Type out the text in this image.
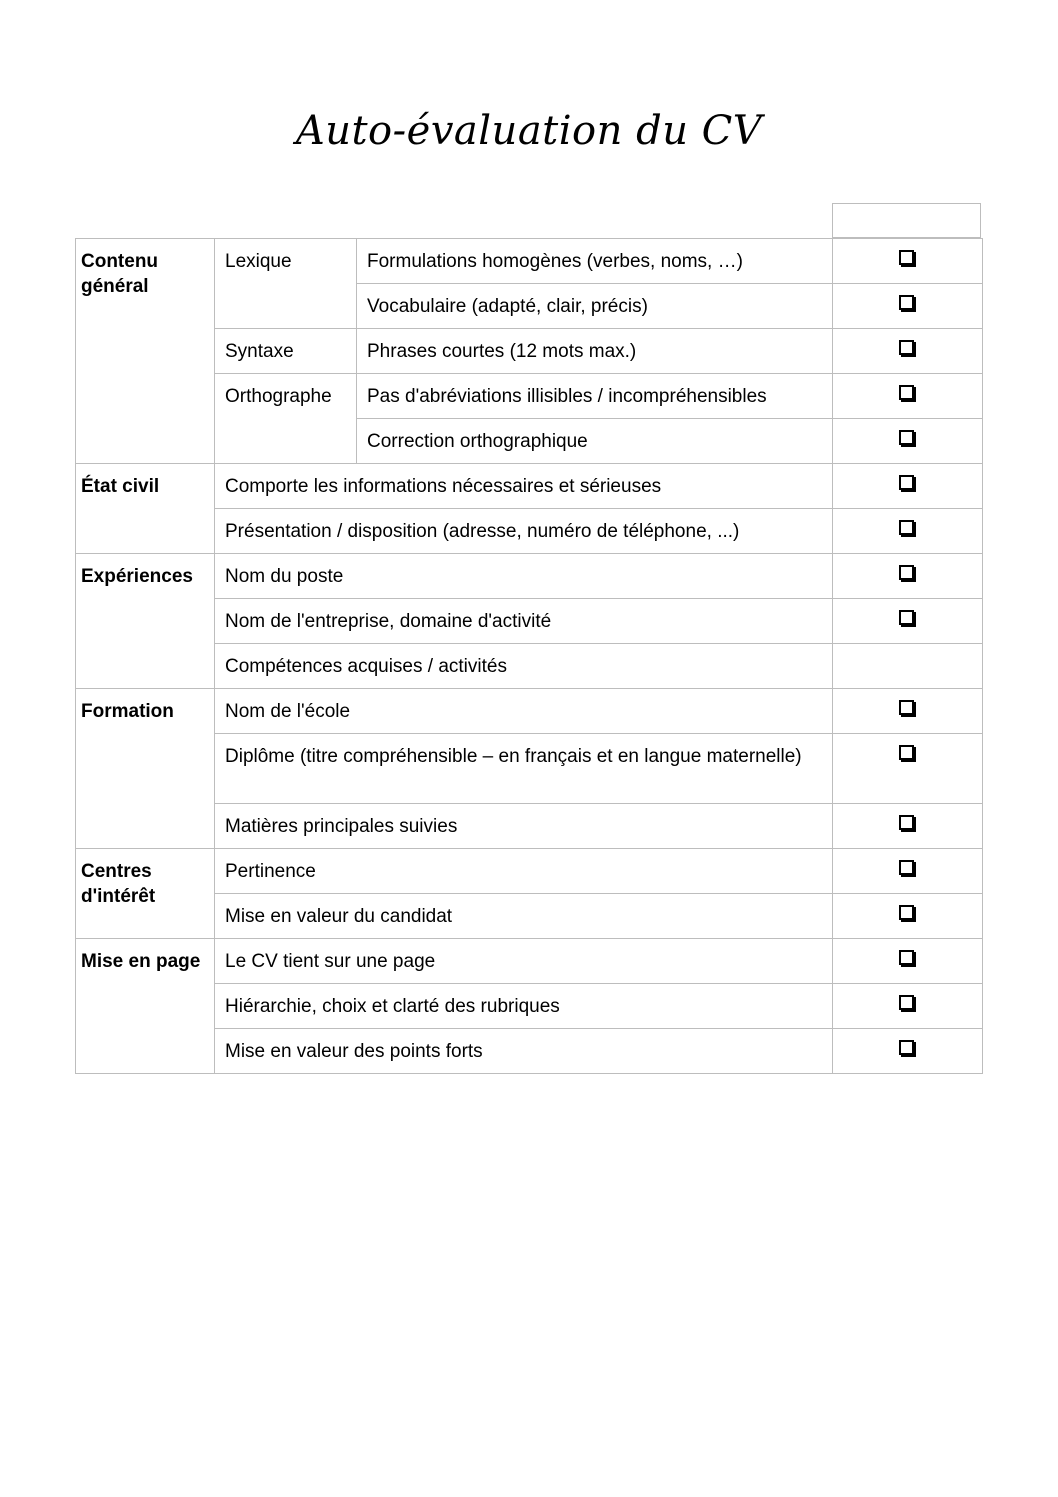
Auto-évaluation du CV
Contenu général	Lexique	Formulations homogènes (verbes, noms, …)	
		Vocabulaire (adapté, clair, précis)	
	Syntaxe	Phrases courtes (12 mots max.)	
	Orthographe	Pas d'abréviations illisibles / incompréhensibles	
		Correction orthographique	
État civil	Comporte les informations nécessaires et sérieuses		
	Présentation / disposition (adresse, numéro de téléphone, ...)		
Expériences	Nom du poste		
	Nom de l'entreprise, domaine d'activité		
	Compétences acquises / activités		
Formation	Nom de l'école		
	Diplôme (titre compréhensible – en français et en langue maternelle)		
	Matières principales suivies		
Centres d'intérêt	Pertinence		
	Mise en valeur du candidat		
Mise en page	Le CV tient sur une page		
	Hiérarchie, choix et clarté des rubriques		
	Mise en valeur des points forts		
